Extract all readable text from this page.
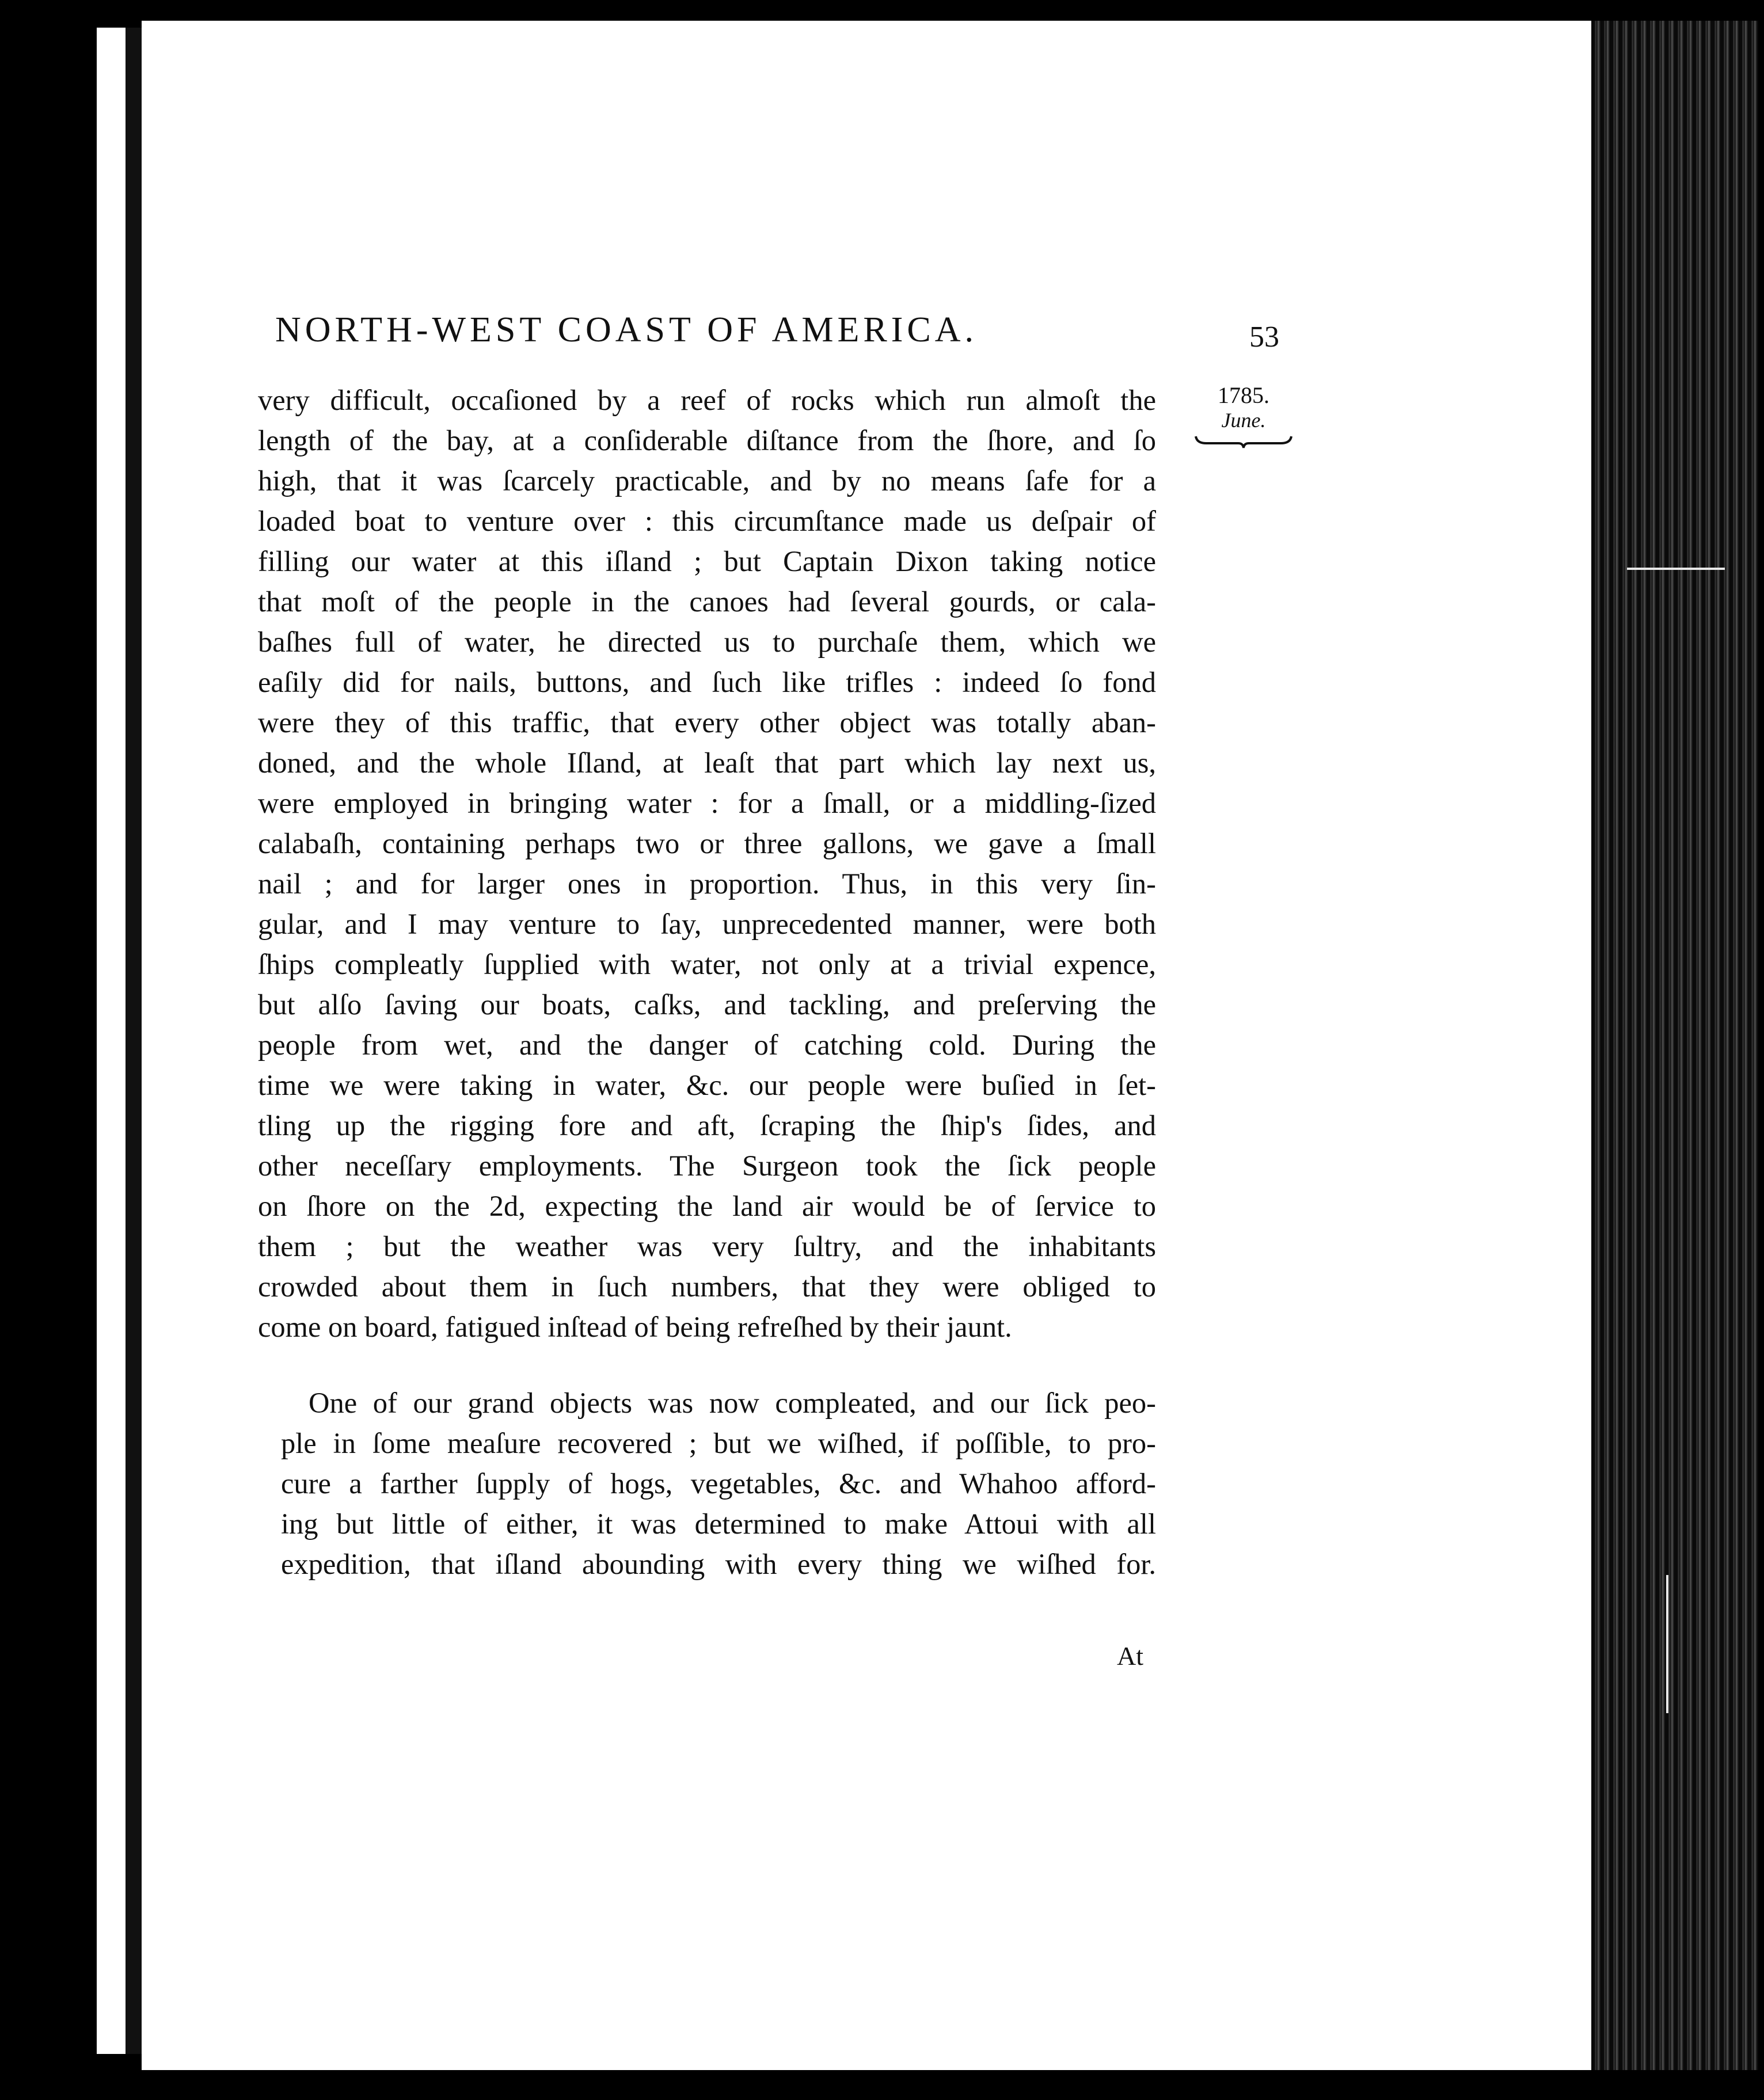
NORTH-WEST COAST OF AMERICA.	53
1785.
June.
very difficult, occaſioned by a reef of rocks which run almoſt the
length of the bay, at a conſiderable diſtance from the ſhore, and ſo
high, that it was ſcarcely practicable, and by no means ſafe for a
loaded boat to venture over : this circumſtance made us deſpair of
filling our water at this iſland ; but Captain Dixon taking notice
that moſt of the people in the canoes had ſeveral gourds, or cala-
baſhes full of water, he directed us to purchaſe them, which we
eaſily did for nails, buttons, and ſuch like trifles : indeed ſo fond
were they of this traffic, that every other object was totally aban-
doned, and the whole Iſland, at leaſt that part which lay next us,
were employed in bringing water : for a ſmall, or a middling-ſized
calabaſh, containing perhaps two or three gallons, we gave a ſmall
nail ; and for larger ones in proportion. Thus, in this very ſin-
gular, and I may venture to ſay, unprecedented manner, were both
ſhips compleatly ſupplied with water, not only at a trivial expence,
but alſo ſaving our boats, caſks, and tackling, and preſerving the
people from wet, and the danger of catching cold. During the
time we were taking in water, &c. our people were buſied in ſet-
tling up the rigging fore and aft, ſcraping the ſhip's ſides, and
other neceſſary employments. The Surgeon took the ſick people
on ſhore on the 2d, expecting the land air would be of ſervice to
them ; but the weather was very ſultry, and the inhabitants
crowded about them in ſuch numbers, that they were obliged to
come on board, fatigued inſtead of being refreſhed by their jaunt.
One of our grand objects was now compleated, and our ſick peo-
ple in ſome meaſure recovered ; but we wiſhed, if poſſible, to pro-
cure a farther ſupply of hogs, vegetables, &c. and Whahoo afford-
ing but little of either, it was determined to make Attoui with all
expedition, that iſland abounding with every thing we wiſhed for.
At
